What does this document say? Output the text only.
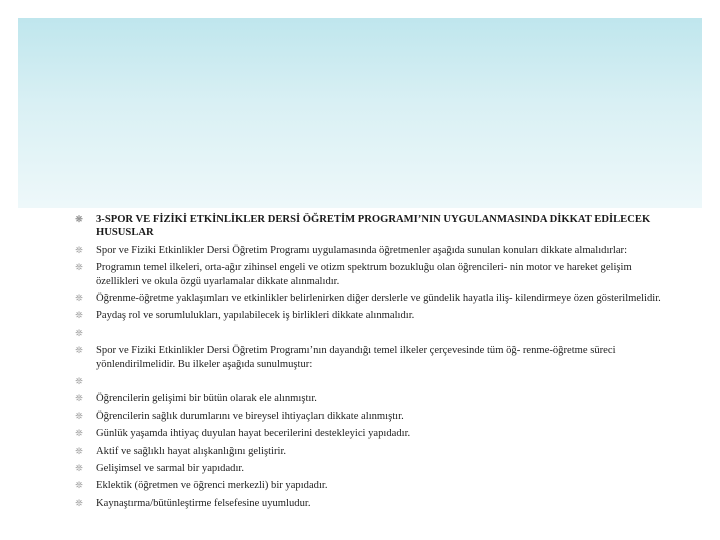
❊ 3-SPOR VE FİZİKİ ETKİNLİKLER DERSİ ÖĞRETİM PROGRAMI’NIN UYGULANMASINDA DİKKAT EDİLECEK HUSUSLAR
❊ Spor ve Fiziki Etkinlikler Dersi Öğretim Programı uygulamasında öğretmenler aşağıda sunulan konuları dikkate almalıdırlar:
❊ Programın temel ilkeleri, orta-ağır zihinsel engeli ve otizm spektrum bozukluğu olan öğrencileri- nin motor ve hareket gelişim özellikleri ve okula özgü uyarlamalar dikkate alınmalıdır.
❊ Öğrenme-öğretme yaklaşımları ve etkinlikler belirlenirken diğer derslerle ve gündelik hayatla iliş- kilendirmeye özen gösterilmelidir.
❊ Paydaş rol ve sorumlulukları, yapılabilecek iş birlikleri dikkate alınmalıdır.
❊
❊ Spor ve Fiziki Etkinlikler Dersi Öğretim Programı’nın dayandığı temel ilkeler çerçevesinde tüm öğ- renme-öğretme süreci yönlendirilmelidir. Bu ilkeler aşağıda sunulmuştur:
❊
❊ Öğrencilerin gelişimi bir bütün olarak ele alınmıştır.
❊ Öğrencilerin sağlık durumlarını ve bireysel ihtiyaçları dikkate alınmıştır.
❊ Günlük yaşamda ihtiyaç duyulan hayat becerilerini destekleyici yapıdadır.
❊ Aktif ve sağlıklı hayat alışkanlığını geliştirir.
❊ Gelişimsel ve sarmal bir yapıdadır.
❊ Eklektik (öğretmen ve öğrenci merkezli) bir yapıdadır.
❊ Kaynaştırma/bütünleştirme felsefesine uyumludur.
